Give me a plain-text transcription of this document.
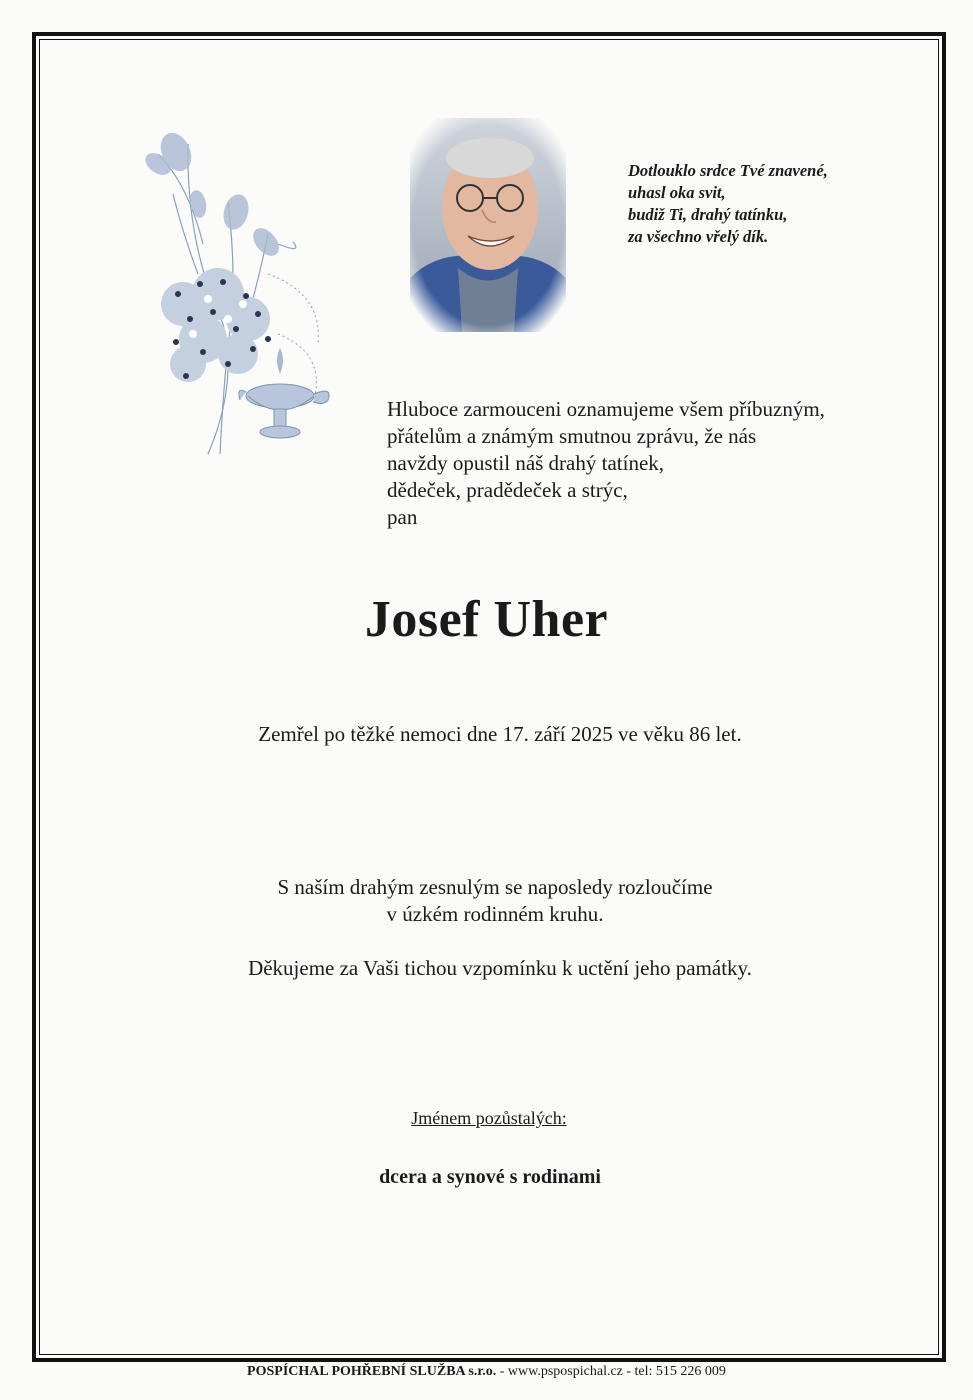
Dotlouklo srdce Tvé znavené,
uhasl oka svit,
budiž Ti, drahý tatínku,
za všechno vřelý dík.
Hluboce zarmouceni oznamujeme všem příbuzným,
přátelům a známým smutnou zprávu, že nás
navždy opustil náš drahý tatínek,
dědeček, pradědeček a strýc,
pan
Josef Uher
Zemřel po těžké nemoci dne 17. září 2025 ve věku 86 let.
S naším drahým zesnulým se naposledy rozloučíme
v úzkém rodinném kruhu.
Děkujeme za Vaši tichou vzpomínku k uctění jeho památky.
Jménem pozůstalých:
dcera a synové s rodinami
POSPÍCHAL POHŘEBNÍ SLUŽBA s.r.o. - www.pspospichal.cz - tel: 515 226 009
